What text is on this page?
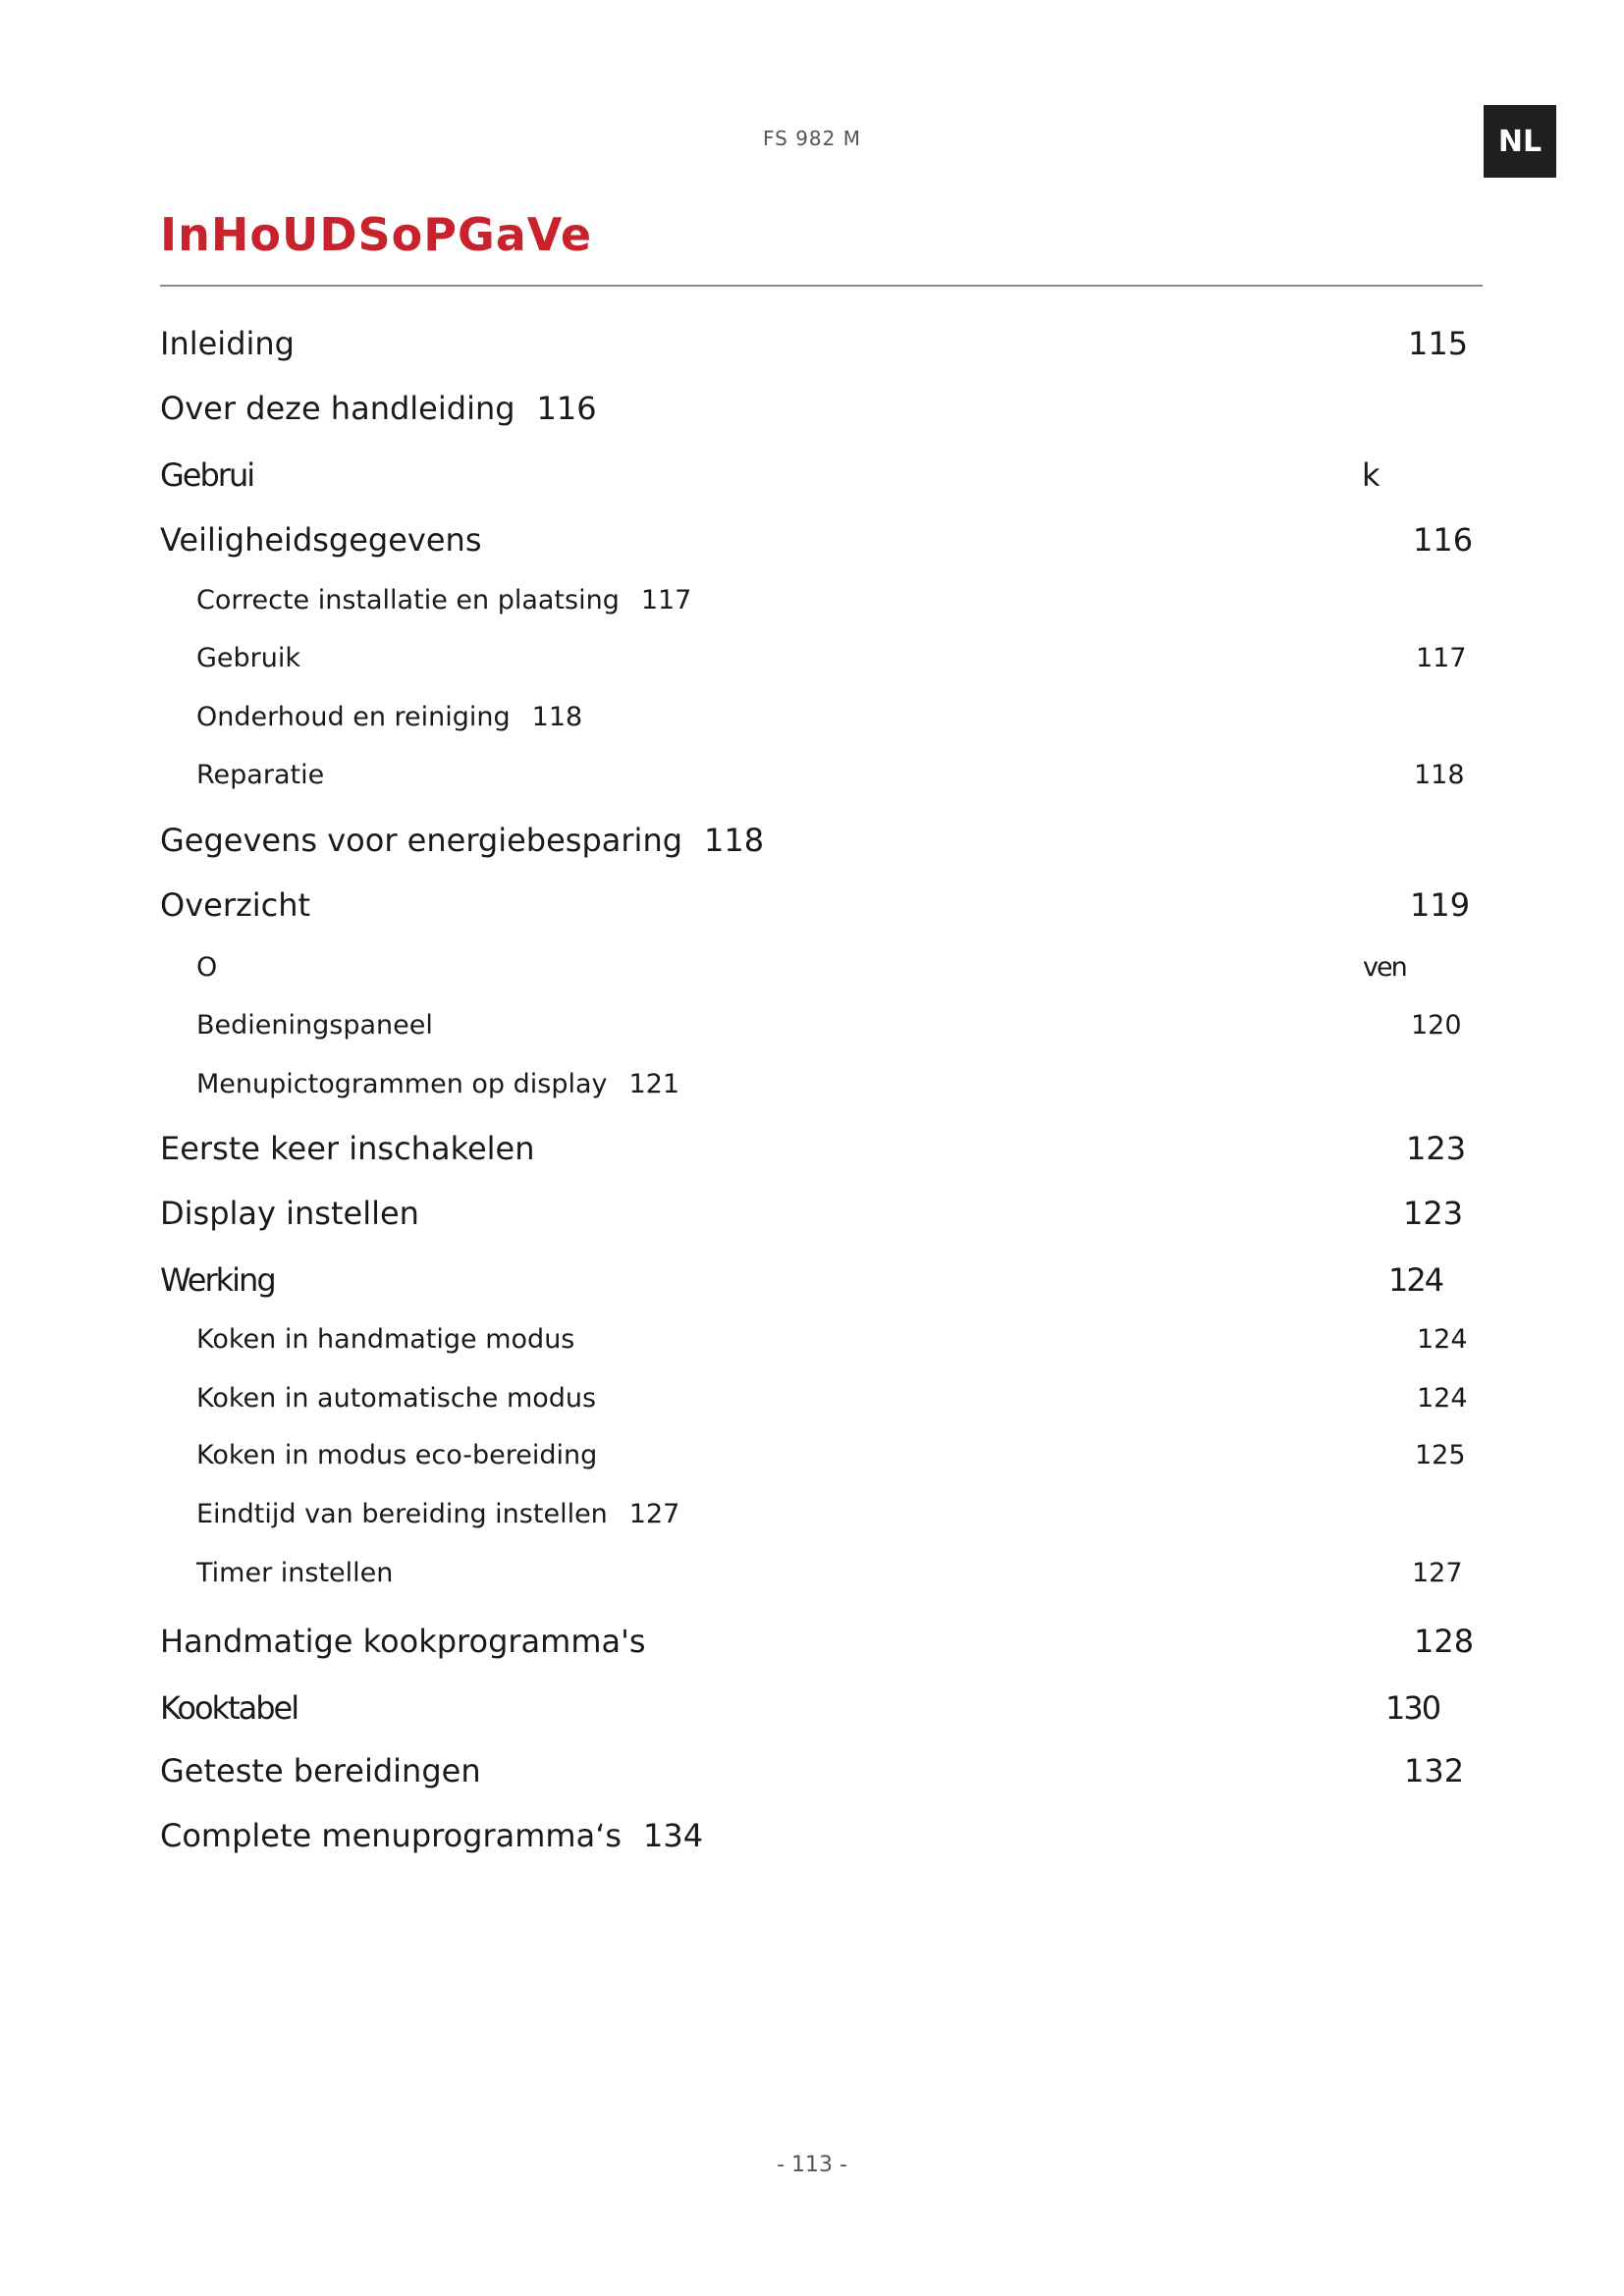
FS 982 M	NL
InHoUDSoPGaVe
Inleiding	115
Over deze handleiding 116
Gebrui	k
Veiligheidsgegevens	116
Correcte installatie en plaatsing 117
Gebruik	117
Onderhoud en reiniging 118
Reparatie	118
Gegevens voor energiebesparing 118
Overzicht	119
O	ven
Bedieningspaneel	120
Menupictogrammen op display 121
Eerste keer inschakelen	123
Display instellen	123
Werking	124
Koken in handmatige modus	124
Koken in automatische modus	124
Koken in modus eco-bereiding	125
Eindtijd van bereiding instellen 127
Timer instellen	127
Handmatige kookprogramma's	128
Kooktabel	130
Geteste bereidingen	132
Complete menuprogramma‘s 134
- 113 -
